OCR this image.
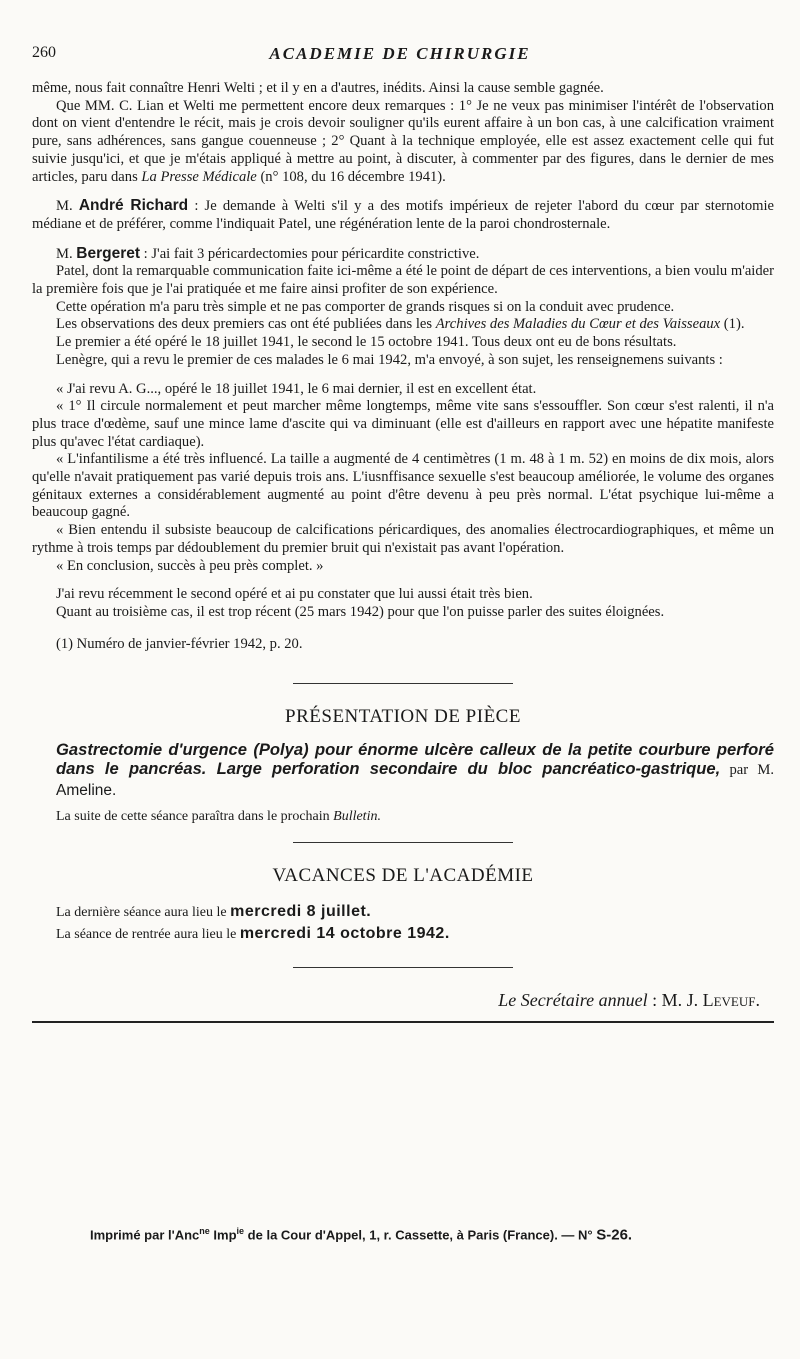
260	ACADEMIE DE CHIRURGIE

même, nous fait connaître Henri Welti ; et il y en a d'autres, inédits. Ainsi la cause semble gagnée.

Que MM. C. Lian et Welti me permettent encore deux remarques : 1° Je ne veux pas minimiser l'intérêt de l'observation dont on vient d'entendre le récit, mais je crois devoir souligner qu'ils eurent affaire à un bon cas, à une calcification vraiment pure, sans adhérences, sans gangue couenneuse ; 2° Quant à la technique employée, elle est assez exactement celle qui fut suivie jusqu'ici, et que je m'étais appliqué à mettre au point, à discuter, à commenter par des figures, dans le dernier de mes articles, paru dans La Presse Médicale (n° 108, du 16 décembre 1941).

M. André Richard : Je demande à Welti s'il y a des motifs impérieux de rejeter l'abord du cœur par sternotomie médiane et de préférer, comme l'indiquait Patel, une régénération lente de la paroi chondrosternale.

M. Bergeret : J'ai fait 3 péricardectomies pour péricardite constrictive.

Patel, dont la remarquable communication faite ici-même a été le point de départ de ces interventions, a bien voulu m'aider la première fois que je l'ai pratiquée et me faire ainsi profiter de son expérience.

Cette opération m'a paru très simple et ne pas comporter de grands risques si on la conduit avec prudence.

Les observations des deux premiers cas ont été publiées dans les Archives des Maladies du Cœur et des Vaisseaux (1).

Le premier a été opéré le 18 juillet 1941, le second le 15 octobre 1941. Tous deux ont eu de bons résultats.

Lenègre, qui a revu le premier de ces malades le 6 mai 1942, m'a envoyé, à son sujet, les renseignemens suivants :

« J'ai revu A. G..., opéré le 18 juillet 1941, le 6 mai dernier, il est en excellent état.

« 1° Il circule normalement et peut marcher même longtemps, même vite sans s'essouffler. Son cœur s'est ralenti, il n'a plus trace d'œdème, sauf une mince lame d'ascite qui va diminuant (elle est d'ailleurs en rapport avec une hépatite manifeste plus qu'avec l'état cardiaque).

« L'infantilisme a été très influencé. La taille a augmenté de 4 centimètres (1 m. 48 à 1 m. 52) en moins de dix mois, alors qu'elle n'avait pratiquement pas varié depuis trois ans. L'iusnffisance sexuelle s'est beaucoup améliorée, le volume des organes génitaux externes a considérablement augmenté au point d'être devenu à peu près normal. L'état psychique lui-même a beaucoup gagné.

« Bien entendu il subsiste beaucoup de calcifications péricardiques, des anomalies électrocardiographiques, et même un rythme à trois temps par dédoublement du premier bruit qui n'existait pas avant l'opération.

« En conclusion, succès à peu près complet. »

J'ai revu récemment le second opéré et ai pu constater que lui aussi était très bien.

Quant au troisième cas, il est trop récent (25 mars 1942) pour que l'on puisse parler des suites éloignées.

(1) Numéro de janvier-février 1942, p. 20.

PRÉSENTATION DE PIÈCE

Gastrectomie d'urgence (Polya) pour énorme ulcère calleux de la petite courbure perforé dans le pancréas. Large perforation secondaire du bloc pancréatico-gastrique, par M. Ameline.

La suite de cette séance paraîtra dans le prochain Bulletin.

VACANCES DE L'ACADÉMIE

La dernière séance aura lieu le mercredi 8 juillet.

La séance de rentrée aura lieu le mercredi 14 octobre 1942.

Le Secrétaire annuel : M. J. Leveuf.
Imprimé par l'Anc$^{ne}$ Imp$^{ie}$ de la Cour d'Appel, 1, r. Cassette, à Paris (France). — N° S-26.
